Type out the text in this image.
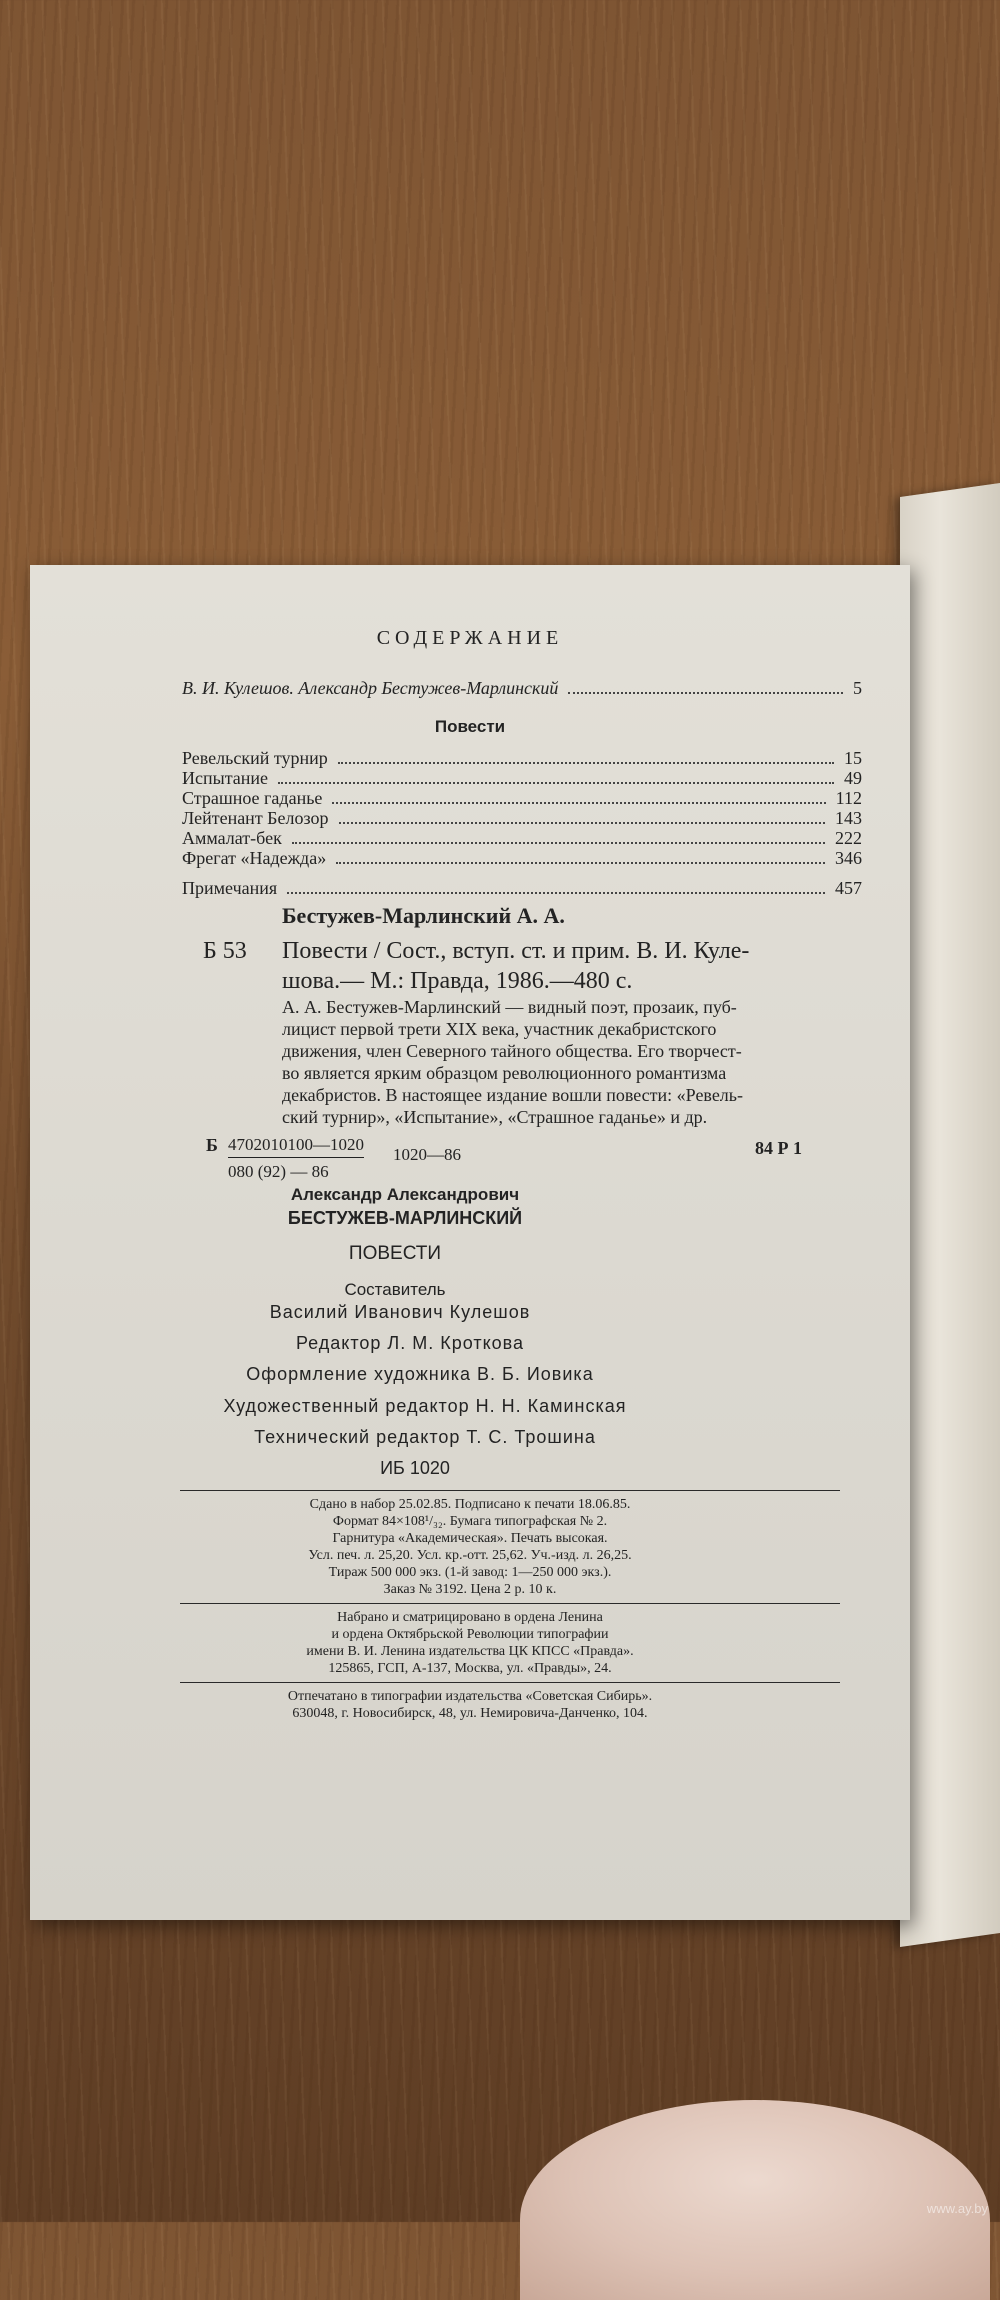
СОДЕРЖАНИЕ
В. И. Кулешов. Александр Бестужев-Марлинский	5
Повести
Ревельский турнир	15
Испытание	49
Страшное гаданье	112
Лейтенант Белозор	143
Аммалат-бек	222
Фрегат «Надежда»	346
Примечания	457
Бестужев-Марлинский А. А.
Б 53 Повести / Сост., вступ. ст. и прим. В. И. Куле-
шова.— М.: Правда, 1986.—480 с.
А. А. Бестужев-Марлинский — видный поэт, прозаик, пуб-
лицист первой трети XIX века, участник декабристского
движения, член Северного тайного общества. Его творчест-
во является ярким образцом революционного романтизма
декабристов. В настоящее издание вошли повести: «Ревель-
ский турнир», «Испытание», «Страшное гаданье» и др.
Б 4702010100—1020
1020—86
080 (92) — 86
84 Р 1
Александр Александрович
БЕСТУЖЕВ-МАРЛИНСКИЙ
ПОВЕСТИ
Составитель
Василий Иванович Кулешов
Редактор Л. М. Кроткова
Оформление художника В. Б. Иовика
Художественный редактор Н. Н. Каминская
Технический редактор Т. С. Трошина
ИБ 1020
Сдано в набор 25.02.85. Подписано к печати 18.06.85.
Формат 84×108¹/₃₂. Бумага типографская № 2.
Гарнитура «Академическая». Печать высокая.
Усл. печ. л. 25,20. Усл. кр.-отт. 25,62. Уч.-изд. л. 26,25.
Тираж 500 000 экз. (1-й завод: 1—250 000 экз.).
Заказ № 3192. Цена 2 р. 10 к.
Набрано и сматрицировано в ордена Ленина
и ордена Октябрьской Революции типографии
имени В. И. Ленина издательства ЦК КПСС «Правда».
125865, ГСП, А-137, Москва, ул. «Правды», 24.
Отпечатано в типографии издательства «Советская Сибирь».
630048, г. Новосибирск, 48, ул. Немировича-Данченко, 104.
www.ay.by
